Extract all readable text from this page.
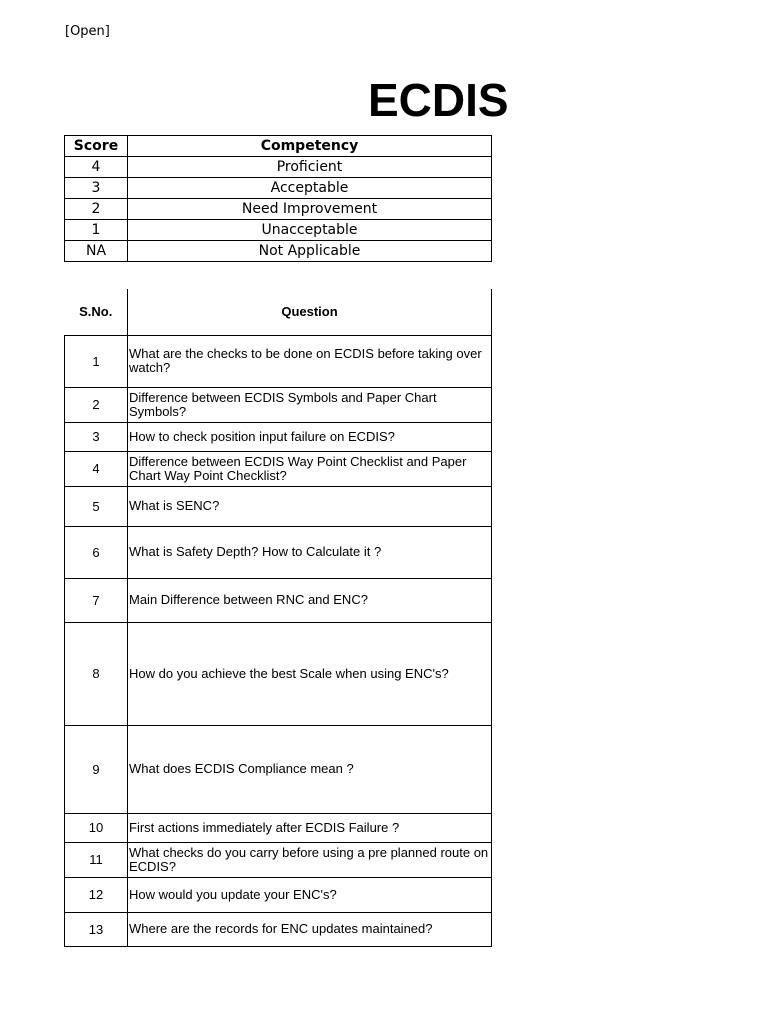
[Open]
ECDIS
Score	Competency
4	Proficient
3	Acceptable
2	Need Improvement
1	Unacceptable
NA	Not Applicable
S.No.	Question
1	What are the checks to be done on ECDIS before taking over watch?
2	Difference between ECDIS Symbols and Paper Chart Symbols?
3	How to check position input failure on ECDIS?
4	Difference between ECDIS Way Point Checklist and Paper Chart Way Point Checklist?
5	What is SENC?
6	What is Safety Depth? How to Calculate it ?
7	Main Difference between RNC and ENC?
8	How do you achieve the best Scale when using ENC's?
9	What does ECDIS Compliance mean ?
10	First actions immediately after ECDIS Failure ?
11	What checks do you carry before using a pre planned route on ECDIS?
12	How would you update your ENC's?
13	Where are the records for ENC updates maintained?
